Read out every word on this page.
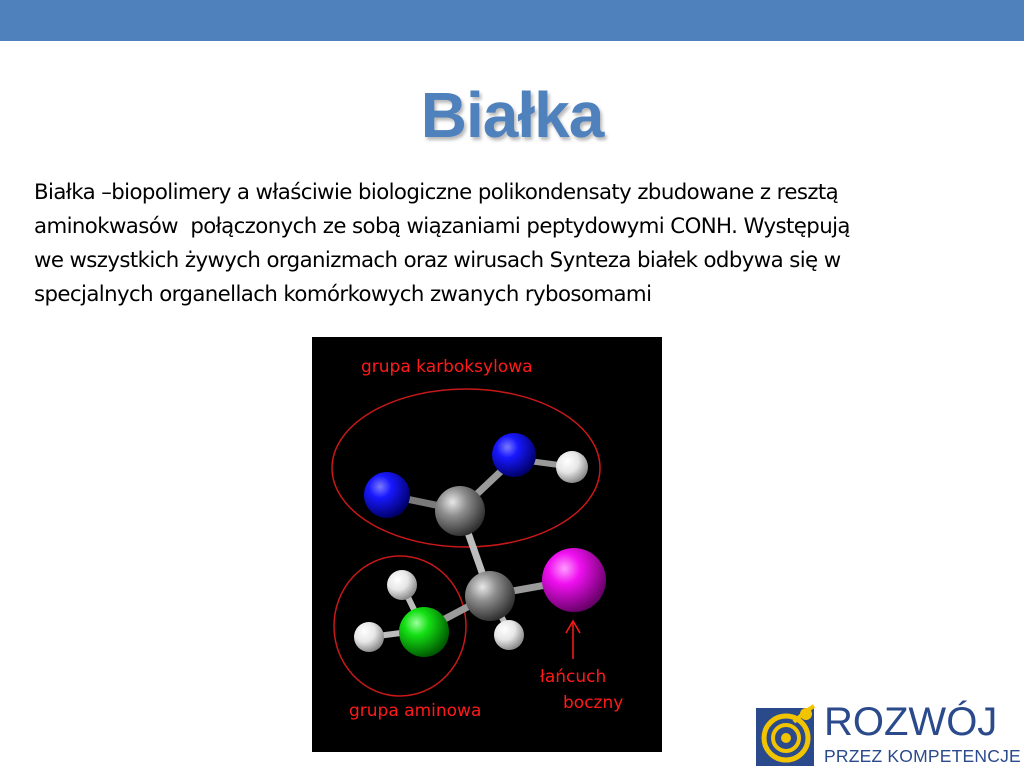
Białka
Białka –biopolimery a właściwie biologiczne polikondensaty zbudowane z resztą
aminokwasów  połączonych ze sobą wiązaniami peptydowymi CONH. Występują
we wszystkich żywych organizmach oraz wirusach Synteza białek odbywa się w
specjalnych organellach komórkowych zwanych rybosomami
grupa karboksylowa
grupa aminowa
łańcuch
boczny	ROZWÓJ
PRZEZ KOMPETENCJE
